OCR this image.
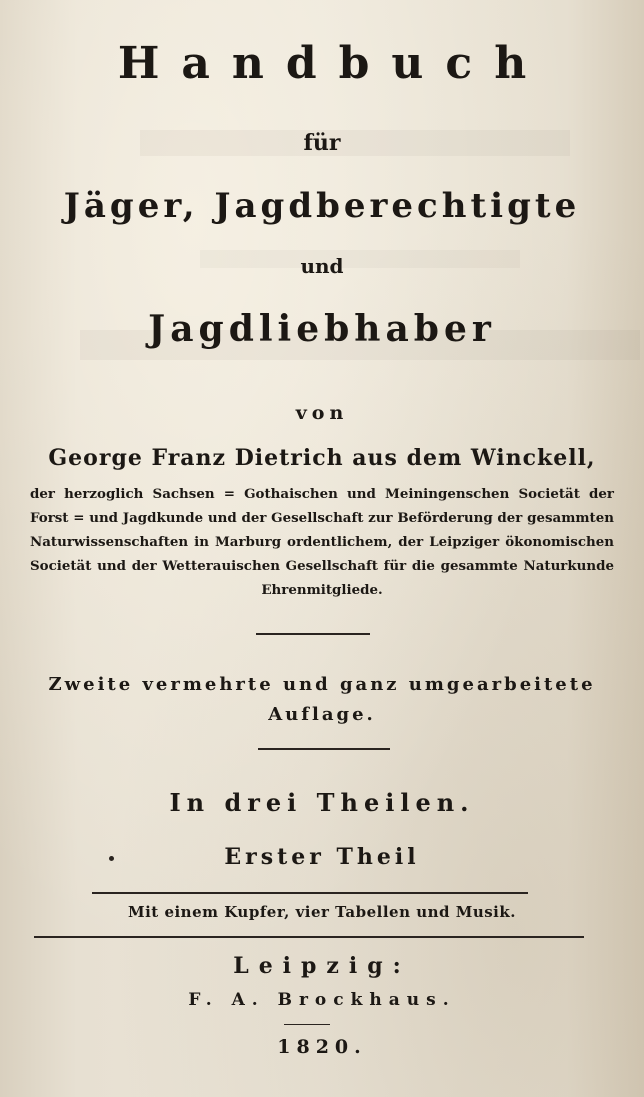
Handbuch
für
Jäger, Jagdberechtigte
und
Jagdliebhaber
von
George Franz Dietrich aus dem Winckell,
der herzoglich Sachsen = Gothaischen und Meiningenschen Societät der Forst = und Jagdkunde und der Gesellschaft zur Beförderung der gesammten Naturwissenschaften in Marburg ordentlichem, der Leipziger ökonomischen Societät und der Wetterauischen Gesellschaft für die gesammte Naturkunde Ehrenmitgliede.
Zweite vermehrte und ganz umgearbeitete
Auflage.
In drei Theilen.
Erster Theil
Mit einem Kupfer, vier Tabellen und Musik.
Leipzig:
F. A. Brockhaus.
1820.
